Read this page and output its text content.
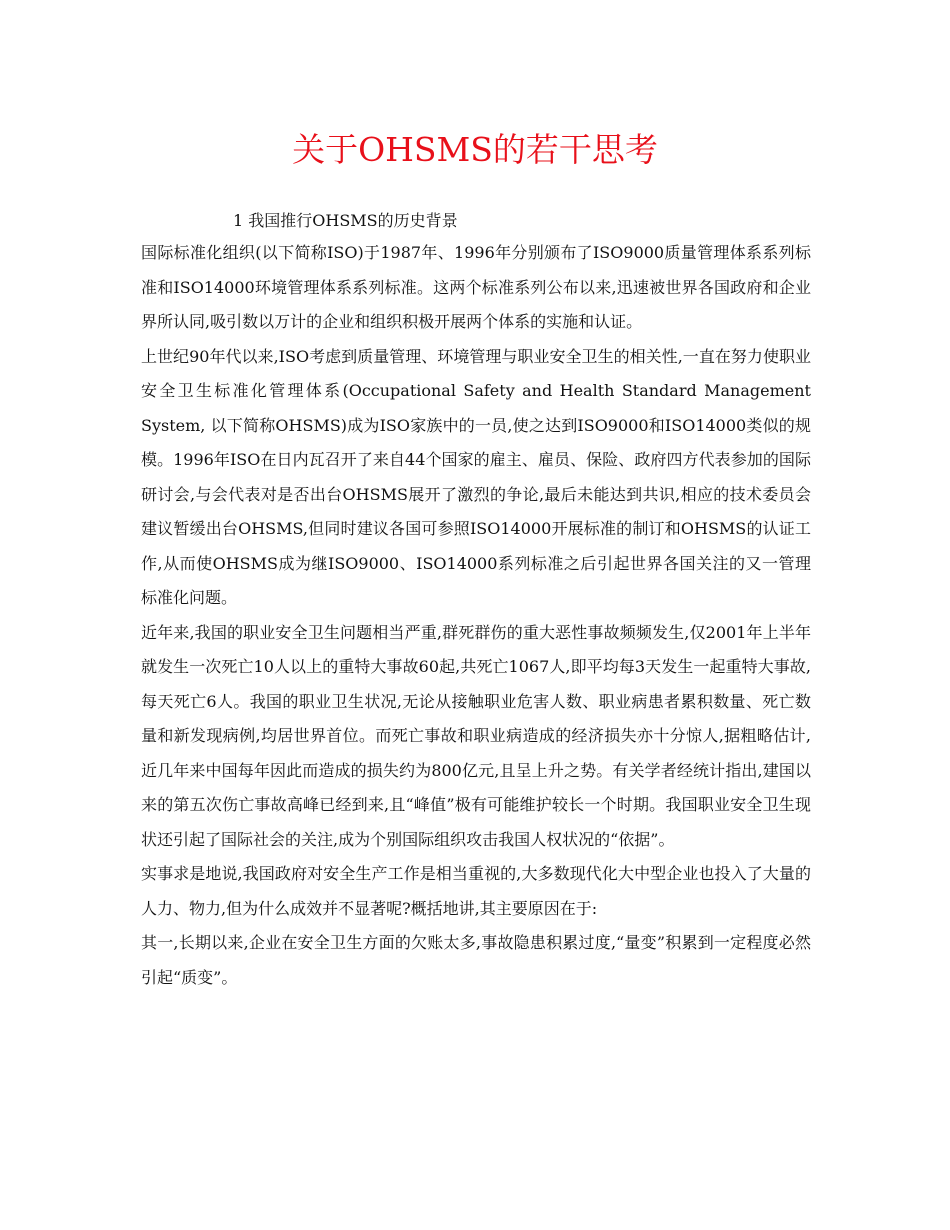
关于OHSMS的若干思考

1 我国推行OHSMS的历史背景

国际标准化组织(以下简称ISO)于1987年、1996年分别颁布了ISO9000质量管理体系系列标准和ISO14000环境管理体系系列标准。这两个标准系列公布以来,迅速被世界各国政府和企业界所认同,吸引数以万计的企业和组织积极开展两个体系的实施和认证。

上世纪90年代以来,ISO考虑到质量管理、环境管理与职业安全卫生的相关性,一直在努力使职业安全卫生标准化管理体系(Occupational Safety and Health Standard Management System, 以下简称OHSMS)成为ISO家族中的一员,使之达到ISO9000和ISO14000类似的规模。1996年ISO在日内瓦召开了来自44个国家的雇主、雇员、保险、政府四方代表参加的国际研讨会,与会代表对是否出台OHSMS展开了激烈的争论,最后未能达到共识,相应的技术委员会建议暂缓出台OHSMS,但同时建议各国可参照ISO14000开展标准的制订和OHSMS的认证工作,从而使OHSMS成为继ISO9000、ISO14000系列标准之后引起世界各国关注的又一管理标准化问题。

近年来,我国的职业安全卫生问题相当严重,群死群伤的重大恶性事故频频发生,仅2001年上半年就发生一次死亡10人以上的重特大事故60起,共死亡1067人,即平均每3天发生一起重特大事故,每天死亡6人。我国的职业卫生状况,无论从接触职业危害人数、职业病患者累积数量、死亡数量和新发现病例,均居世界首位。而死亡事故和职业病造成的经济损失亦十分惊人,据粗略估计,近几年来中国每年因此而造成的损失约为800亿元,且呈上升之势。有关学者经统计指出,建国以来的第五次伤亡事故高峰已经到来,且“峰值”极有可能维护较长一个时期。我国职业安全卫生现状还引起了国际社会的关注,成为个别国际组织攻击我国人权状况的“依据”。

实事求是地说,我国政府对安全生产工作是相当重视的,大多数现代化大中型企业也投入了大量的人力、物力,但为什么成效并不显著呢?概括地讲,其主要原因在于:

其一,长期以来,企业在安全卫生方面的欠账太多,事故隐患积累过度,“量变”积累到一定程度必然引起“质变”。
